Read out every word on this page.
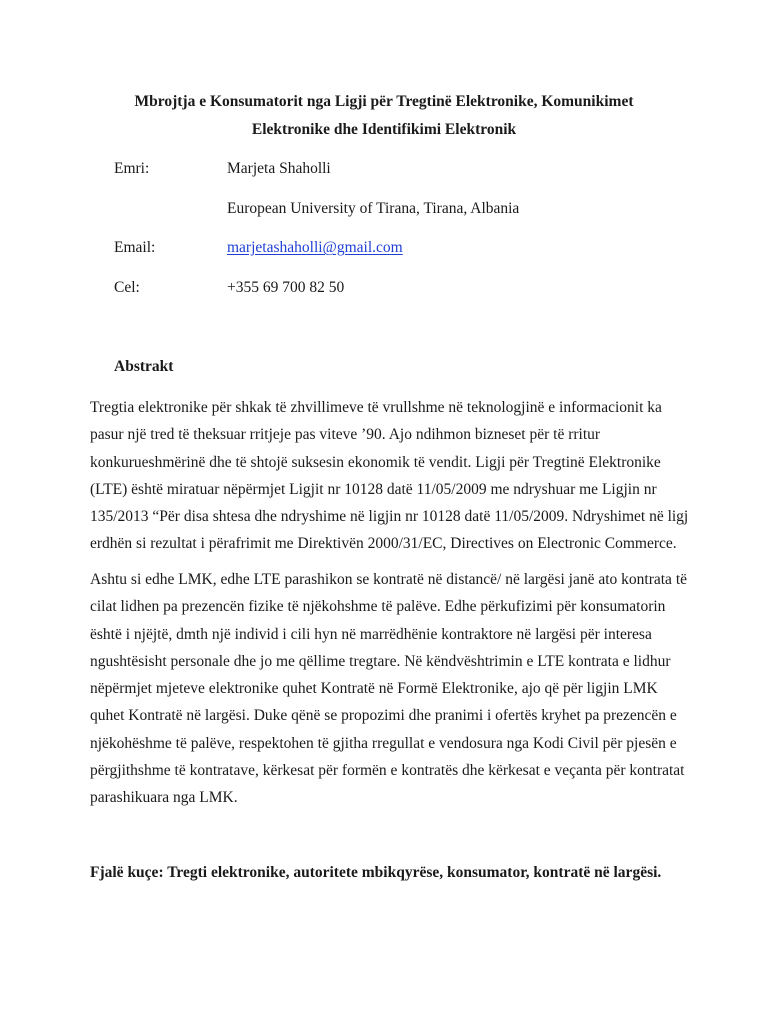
Mbrojtja e Konsumatorit nga Ligji për Tregtinë Elektronike, Komunikimet
Elektronike dhe Identifikimi Elektronik
Emri:	Marjeta Shaholli
European University of Tirana, Tirana, Albania
Email:	marjetashaholli@gmail.com
Cel:	+355 69 700 82 50
Abstrakt

Tregtia elektronike për shkak të zhvillimeve të vrullshme në teknologjinë e informacionit ka
pasur një tred të theksuar rritjeje pas viteve ’90. Ajo ndihmon bizneset për të rritur
konkurueshmërinë dhe të shtojë suksesin ekonomik të vendit. Ligji për Tregtinë Elektronike
(LTE) është miratuar nëpërmjet Ligjit nr 10128 datë 11/05/2009 me ndryshuar me Ligjin nr
135/2013 “Për disa shtesa dhe ndryshime në ligjin nr 10128 datë 11/05/2009. Ndryshimet në ligj
erdhën si rezultat i përafrimit me Direktivën 2000/31/EC, Directives on Electronic Commerce.

Ashtu si edhe LMK, edhe LTE parashikon se kontratë në distancë/ në largësi janë ato kontrata të
cilat lidhen pa prezencën fizike të njëkohshme të palëve. Edhe përkufizimi për konsumatorin
është i njëjtë, dmth një individ i cili hyn në marrëdhënie kontraktore në largësi për interesa
ngushtësisht personale dhe jo me qëllime tregtare. Në këndvështrimin e LTE kontrata e lidhur
nëpërmjet mjeteve elektronike quhet Kontratë në Formë Elektronike, ajo që për ligjin LMK
quhet Kontratë në largësi. Duke qënë se propozimi dhe pranimi i ofertës kryhet pa prezencën e
njëkohëshme të palëve, respektohen të gjitha rregullat e vendosura nga Kodi Civil për pjesën e
përgjithshme të kontratave, kërkesat për formën e kontratës dhe kërkesat e veçanta për kontratat
parashikuara nga LMK.

Fjalë kuçe: Tregti elektronike, autoritete mbikqyrëse, konsumator, kontratë në largësi.
